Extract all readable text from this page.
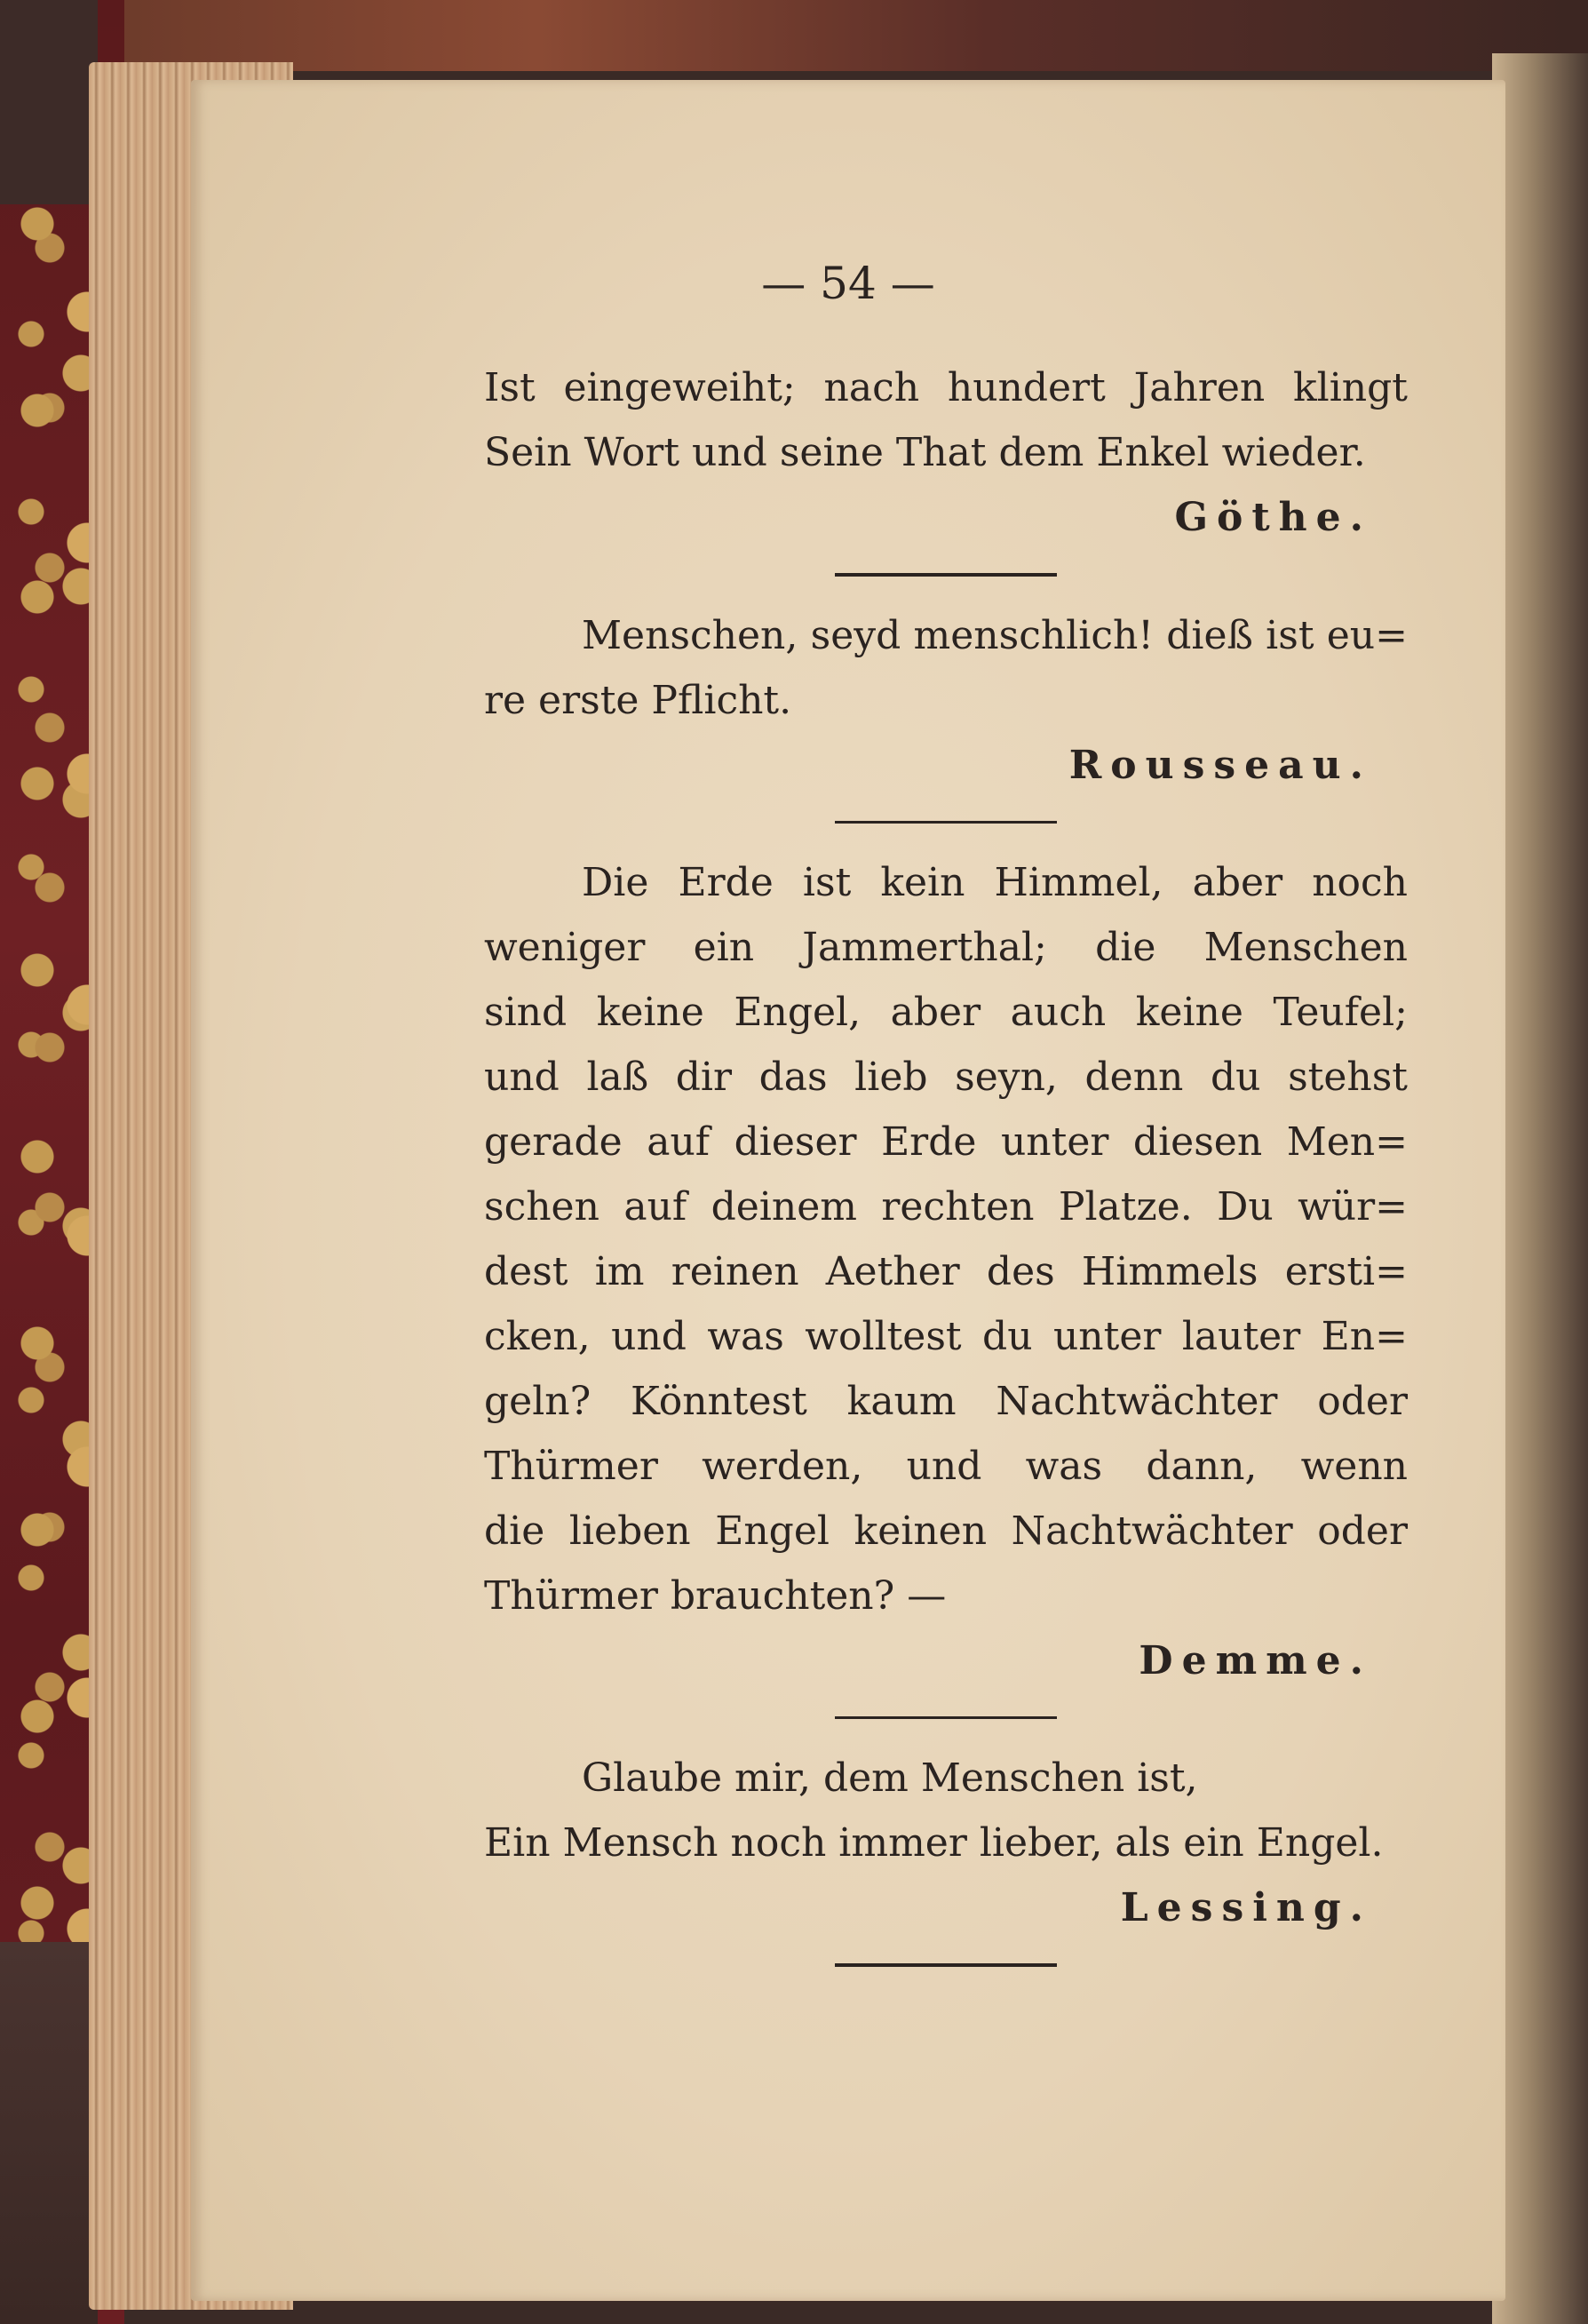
— 54 —
Ist eingeweiht; nach hundert Jahren klingt
Sein Wort und seine That dem Enkel wieder.
Göthe.
Menschen, seyd menschlich! dieß ist eu=
re erste Pflicht.
Rousseau.
Die Erde ist kein Himmel, aber noch
weniger ein Jammerthal; die Menschen
sind keine Engel, aber auch keine Teufel;
und laß dir das lieb seyn, denn du stehst
gerade auf dieser Erde unter diesen Men=
schen auf deinem rechten Platze. Du wür=
dest im reinen Aether des Himmels ersti=
cken, und was wolltest du unter lauter En=
geln? Könntest kaum Nachtwächter oder
Thürmer werden, und was dann, wenn
die lieben Engel keinen Nachtwächter oder
Thürmer brauchten? —
Demme.
Glaube mir, dem Menschen ist,
Ein Mensch noch immer lieber, als ein Engel.
Lessing.
